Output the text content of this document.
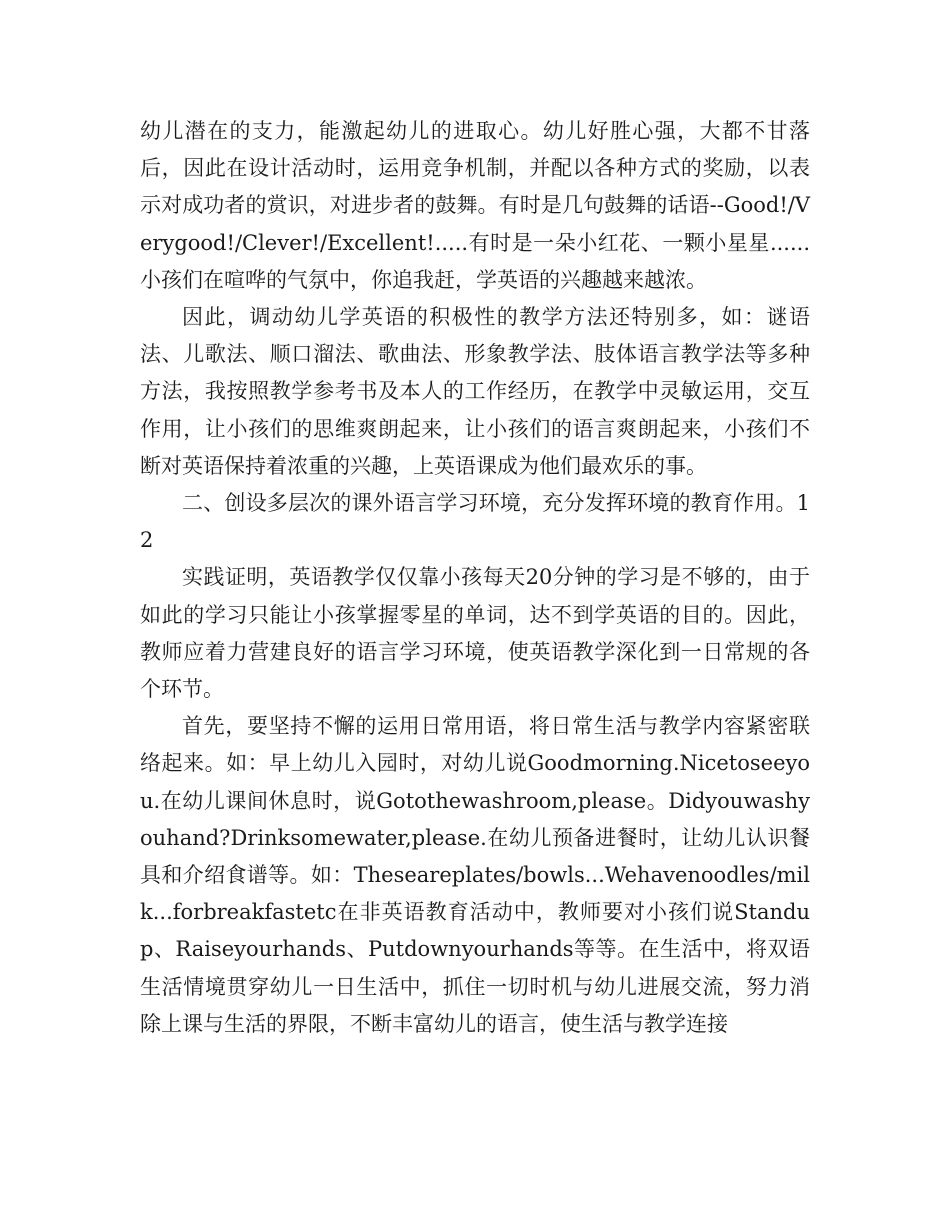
幼儿潜在的支力，能激起幼儿的进取心。幼儿好胜心强，大都不甘落后，因此在设计活动时，运用竞争机制，并配以各种方式的奖励，以表示对成功者的赏识，对进步者的鼓舞。有时是几句鼓舞的话语--Good!/Verygood!/Clever!/Excellent!.....有时是一朵小红花、一颗小星星......小孩们在喧哗的气氛中，你追我赶，学英语的兴趣越来越浓。

因此，调动幼儿学英语的积极性的教学方法还特别多，如：谜语法、儿歌法、顺口溜法、歌曲法、形象教学法、肢体语言教学法等多种方法，我按照教学参考书及本人的工作经历，在教学中灵敏运用，交互作用，让小孩们的思维爽朗起来，让小孩们的语言爽朗起来，小孩们不断对英语保持着浓重的兴趣，上英语课成为他们最欢乐的事。

二、创设多层次的课外语言学习环境，充分发挥环境的教育作用。12

实践证明，英语教学仅仅靠小孩每天20分钟的学习是不够的，由于如此的学习只能让小孩掌握零星的单词，达不到学英语的目的。因此，教师应着力营建良好的语言学习环境，使英语教学深化到一日常规的各个环节。

首先，要坚持不懈的运用日常用语，将日常生活与教学内容紧密联络起来。如：早上幼儿入园时，对幼儿说Goodmorning.Nicetoseeyou.在幼儿课间休息时，说Gotothewashroom,please。Didyouwashyouhand?Drinksomewater,please.在幼儿预备进餐时，让幼儿认识餐具和介绍食谱等。如：Thesearеplates/bowls...Wehavenoodles/milk...forbreakfastetc在非英语教育活动中，教师要对小孩们说Standup、Raiseyourhands、Putdownyourhands等等。在生活中，将双语生活情境贯穿幼儿一日生活中，抓住一切时机与幼儿进展交流，努力消除上课与生活的界限，不断丰富幼儿的语言，使生活与教学连接
